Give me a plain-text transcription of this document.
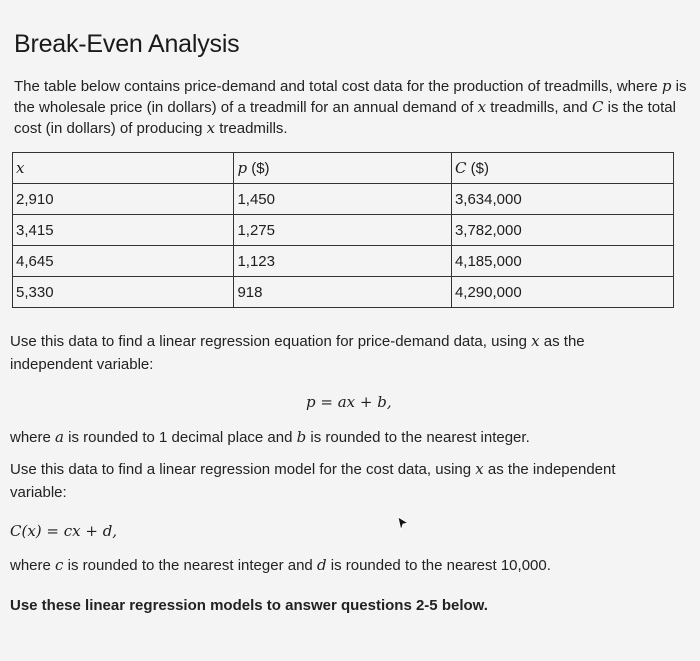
Break-Even Analysis
The table below contains price-demand and total cost data for the production of treadmills, where p is the wholesale price (in dollars) of a treadmill for an annual demand of x treadmills, and C is the total cost (in dollars) of producing x treadmills.
x	p ($)	C ($)
2,910	1,450	3,634,000
3,415	1,275	3,782,000
4,645	1,123	4,185,000
5,330	918	4,290,000
Use this data to find a linear regression equation for price-demand data, using x as the independent variable:
p = ax + b,
where a is rounded to 1 decimal place and b is rounded to the nearest integer.
Use this data to find a linear regression model for the cost data, using x as the independent variable:
C(x) = cx + d,
where c is rounded to the nearest integer and d is rounded to the nearest 10,000.
Use these linear regression models to answer questions 2-5 below.
